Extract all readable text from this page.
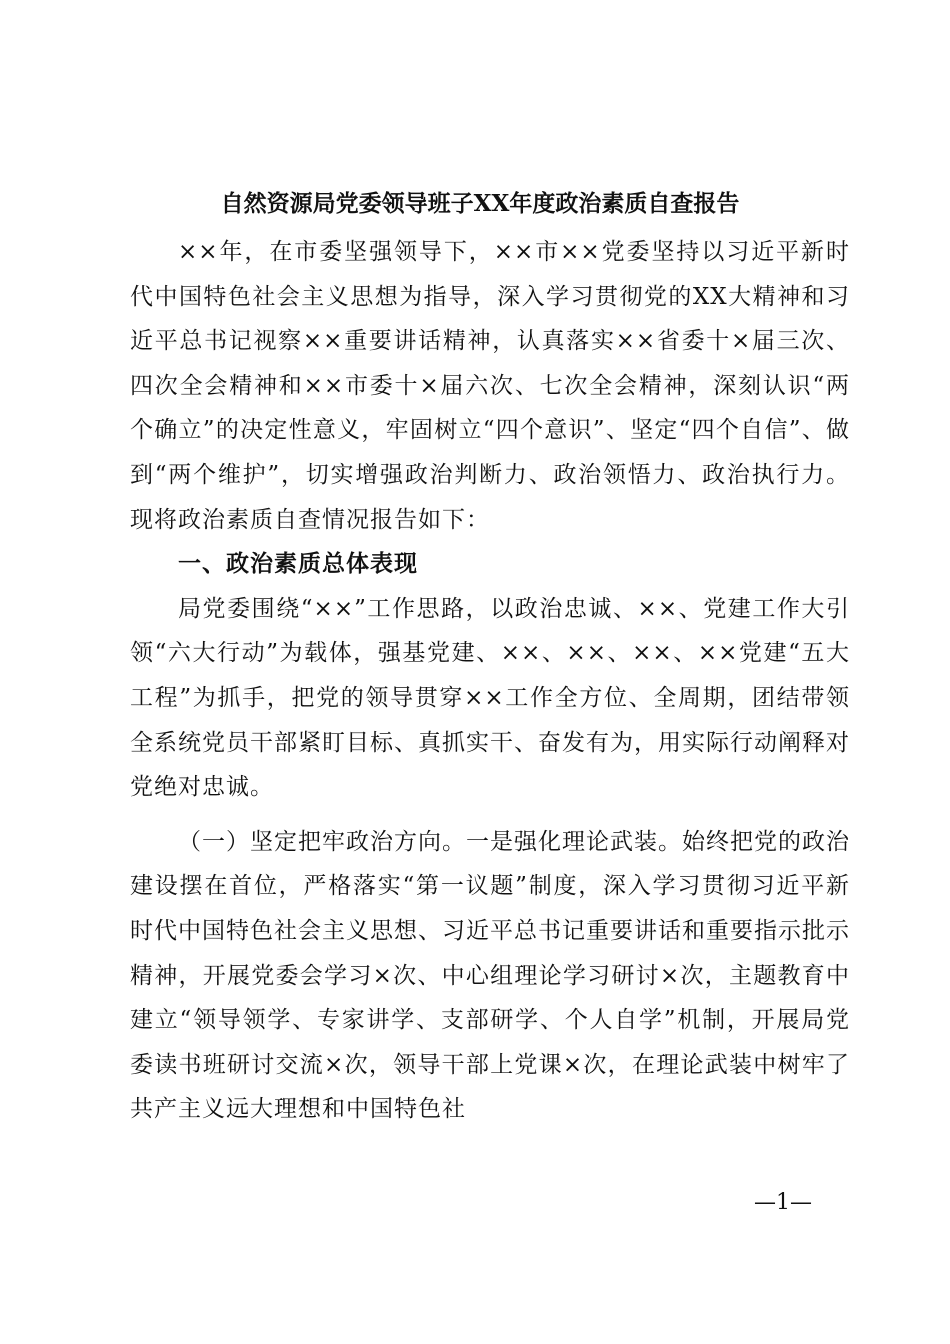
自然资源局党委领导班子XX年度政治素质自查报告

××年，在市委坚强领导下，××市××党委坚持以习近平新时代中国特色社会主义思想为指导，深入学习贯彻党的XX大精神和习近平总书记视察××重要讲话精神，认真落实××省委十×届三次、四次全会精神和××市委十×届六次、七次全会精神，深刻认识“两个确立”的决定性意义，牢固树立“四个意识”、坚定“四个自信”、做到“两个维护”，切实增强政治判断力、政治领悟力、政治执行力。现将政治素质自查情况报告如下：

一、政治素质总体表现

局党委围绕“××”工作思路，以政治忠诚、××、党建工作大引领“六大行动”为载体，强基党建、××、××、××、××党建“五大工程”为抓手，把党的领导贯穿××工作全方位、全周期，团结带领全系统党员干部紧盯目标、真抓实干、奋发有为，用实际行动阐释对党绝对忠诚。

（一）坚定把牢政治方向。一是强化理论武装。始终把党的政治建设摆在首位，严格落实“第一议题”制度，深入学习贯彻习近平新时代中国特色社会主义思想、习近平总书记重要讲话和重要指示批示精神，开展党委会学习×次、中心组理论学习研讨×次，主题教育中建立“领导领学、专家讲学、支部研学、个人自学”机制，开展局党委读书班研讨交流×次，领导干部上党课×次，在理论武装中树牢了共产主义远大理想和中国特色社

—1—
